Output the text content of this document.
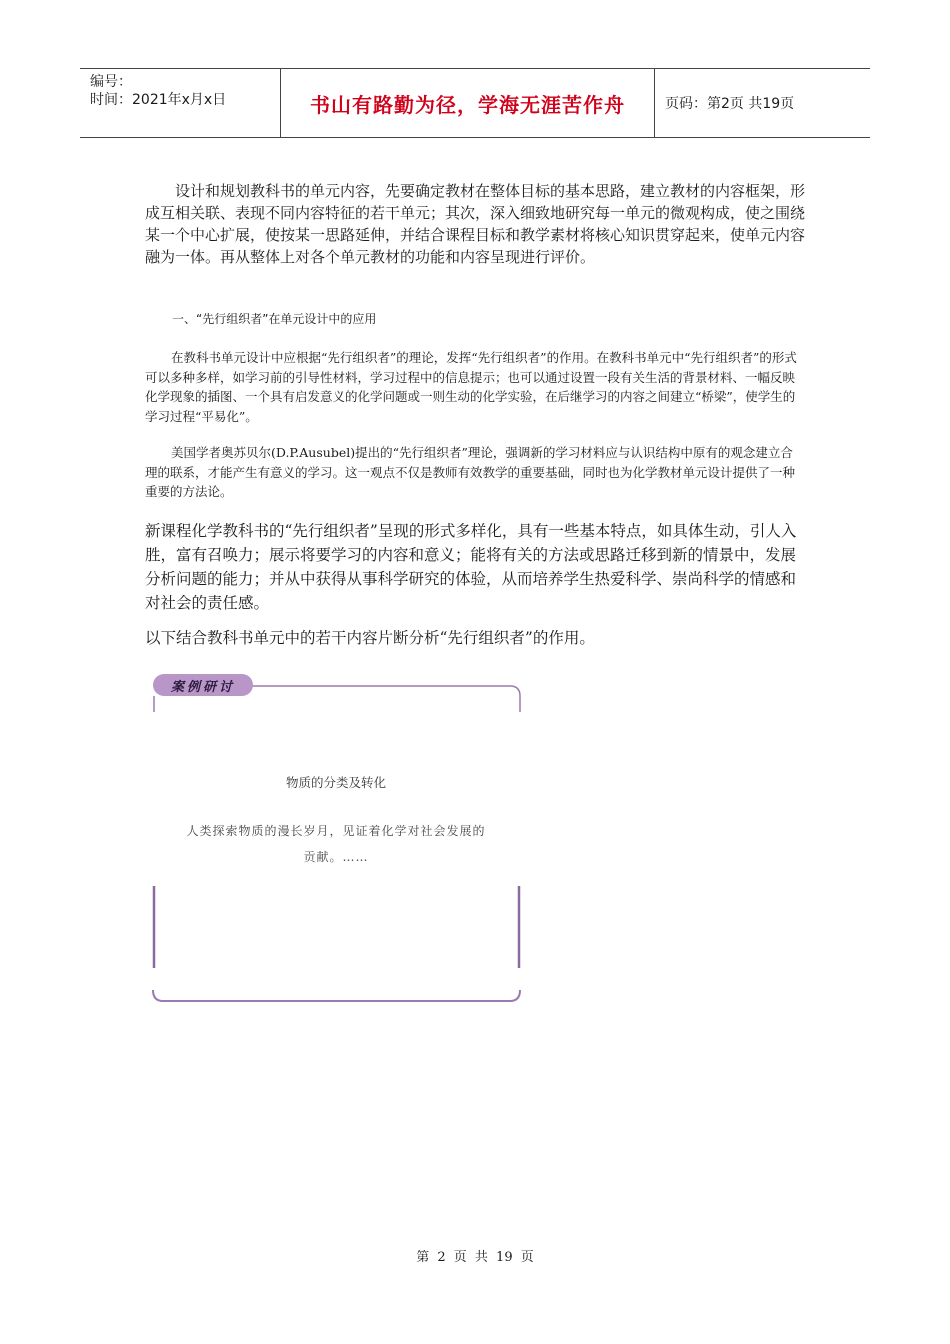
编号：
时间：2021年x月x日	书山有路勤为径，学海无涯苦作舟	页码：第2页 共19页
设计和规划教科书的单元内容，先要确定教材在整体目标的基本思路，建立教材的内容框架，形成互相关联、表现不同内容特征的若干单元；其次，深入细致地研究每一单元的微观构成，使之围绕某一个中心扩展，使按某一思路延伸，并结合课程目标和教学素材将核心知识贯穿起来，使单元内容融为一体。再从整体上对各个单元教材的功能和内容呈现进行评价。
一、“先行组织者”在单元设计中的应用
在教科书单元设计中应根据“先行组织者”的理论，发挥“先行组织者”的作用。在教科书单元中“先行组织者”的形式可以多种多样，如学习前的引导性材料，学习过程中的信息提示；也可以通过设置一段有关生活的背景材料、一幅反映化学现象的插图、一个具有启发意义的化学问题或一则生动的化学实验，在后继学习的内容之间建立“桥梁”，使学生的学习过程“平易化”。
美国学者奥苏贝尔(D.P.Ausubel)提出的“先行组织者”理论，强调新的学习材料应与认识结构中原有的观念建立合理的联系，才能产生有意义的学习。这一观点不仅是教师有效教学的重要基础，同时也为化学教材单元设计提供了一种重要的方法论。
新课程化学教科书的“先行组织者”呈现的形式多样化，具有一些基本特点，如具体生动，引人入胜，富有召唤力；展示将要学习的内容和意义；能将有关的方法或思路迁移到新的情景中，发展分析问题的能力；并从中获得从事科学研究的体验，从而培养学生热爱科学、崇尚科学的情感和对社会的责任感。
以下结合教科书单元中的若干内容片断分析“先行组织者”的作用。
案例研讨
物质的分类及转化
人类探索物质的漫长岁月，见证着化学对社会发展的贡献。……
第 2 页 共 19 页
